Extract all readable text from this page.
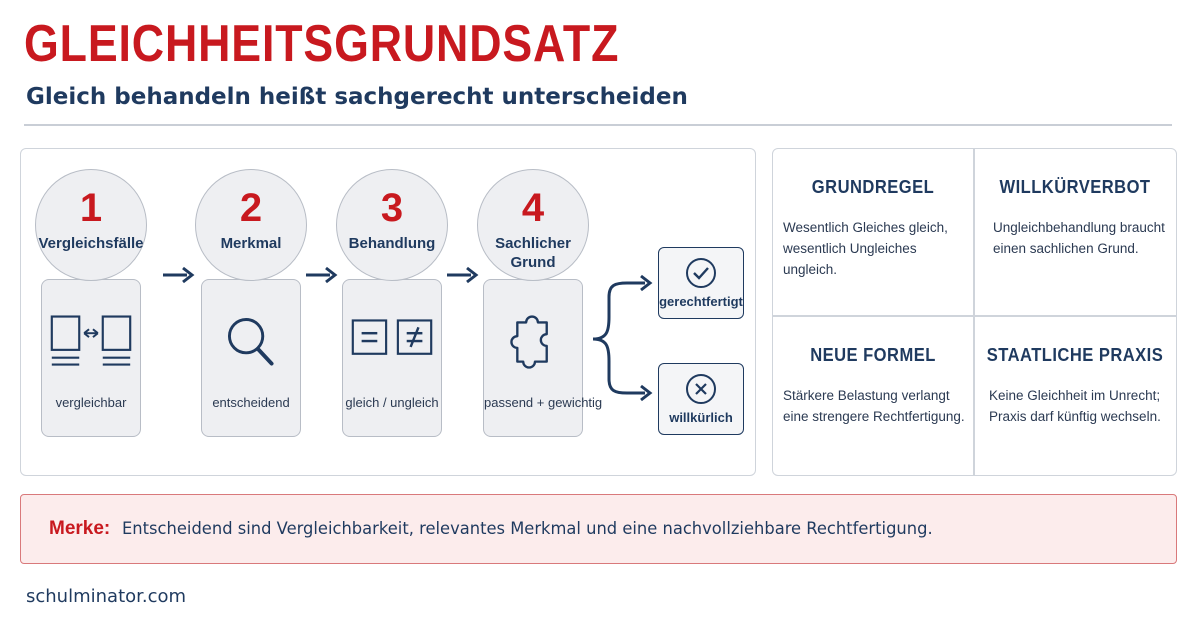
GLEICHHEITSGRUNDSATZ
Gleich behandeln heißt sachgerecht unterscheiden
vergleichbar
1
Vergleichsfälle
entscheidend
2
Merkmal
gleich / ungleich
3
Behandlung
passend + gewichtig
4
Sachlicher
Grund
gerechtfertigt
willkürlich
GRUNDREGEL
Wesentlich Gleiches gleich,
wesentlich Ungleiches ungleich.
WILLKÜRVERBOT
Ungleichbehandlung braucht
einen sachlichen Grund.
NEUE FORMEL
Stärkere Belastung verlangt
eine strengere Rechtfertigung.
STAATLICHE PRAXIS
Keine Gleichheit im Unrecht;
Praxis darf künftig wechseln.
Merke: Entscheidend sind Vergleichbarkeit, relevantes Merkmal und eine nachvollziehbare Rechtfertigung.
schulminator.com
